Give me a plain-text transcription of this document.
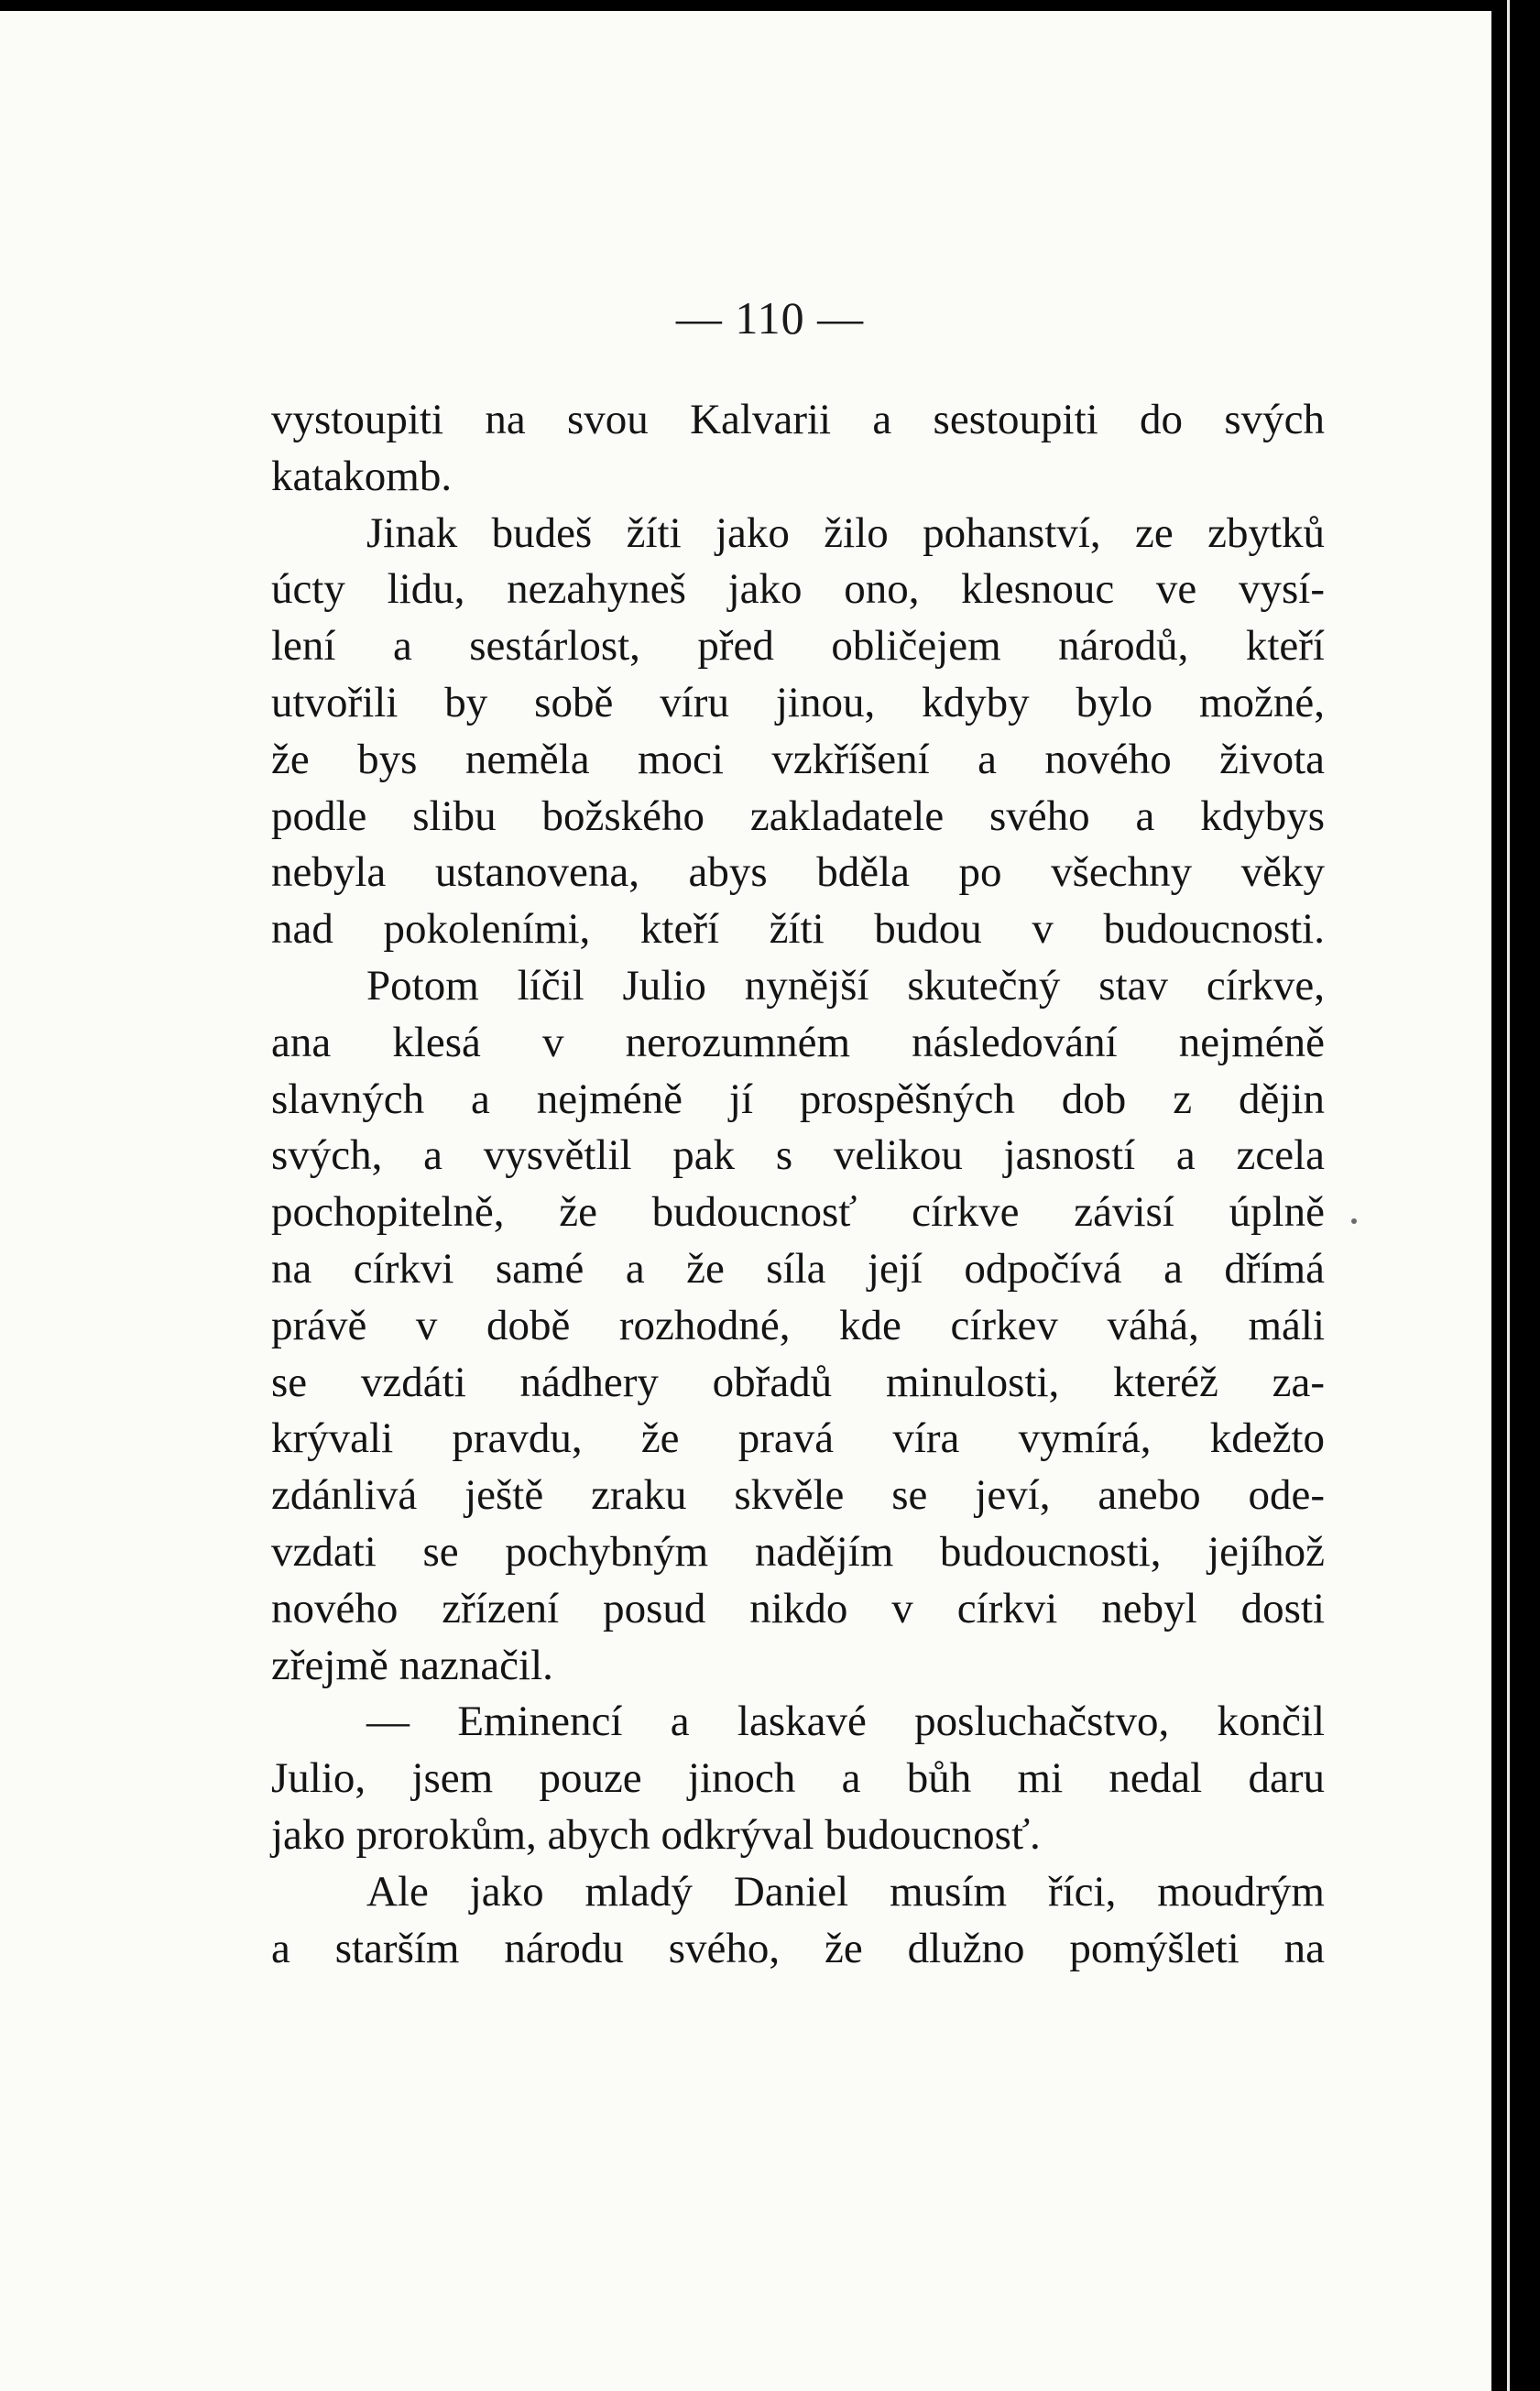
— 110 —
vystoupiti na svou Kalvarii a sestoupiti do svých
katakomb.
Jinak budeš žíti jako žilo pohanství, ze zbytků
úcty lidu, nezahyneš jako ono, klesnouc ve vysí-
lení a sestárlost, před obličejem národů, kteří
utvořili by sobě víru jinou, kdyby bylo možné,
že bys neměla moci vzkříšení a nového života
podle slibu božského zakladatele svého a kdybys
nebyla ustanovena, abys bděla po všechny věky
nad pokoleními, kteří žíti budou v budoucnosti.
Potom líčil Julio nynější skutečný stav církve,
ana klesá v nerozumném následování nejméně
slavných a nejméně jí prospěšných dob z dějin
svých, a vysvětlil pak s velikou jasností a zcela
pochopitelně, že budoucnosť církve závisí úplně
na církvi samé a že síla její odpočívá a dřímá
právě v době rozhodné, kde církev váhá, máli
se vzdáti nádhery obřadů minulosti, kteréž za-
krývali pravdu, že pravá víra vymírá, kdežto
zdánlivá ještě zraku skvěle se jeví, anebo ode-
vzdati se pochybným nadějím budoucnosti, jejíhož
nového zřízení posud nikdo v církvi nebyl dosti
zřejmě naznačil.
— Eminencí a laskavé posluchačstvo, končil
Julio, jsem pouze jinoch a bůh mi nedal daru
jako prorokům, abych odkrýval budoucnosť.
Ale jako mladý Daniel musím říci, moudrým
a starším národu svého, že dlužno pomýšleti na
